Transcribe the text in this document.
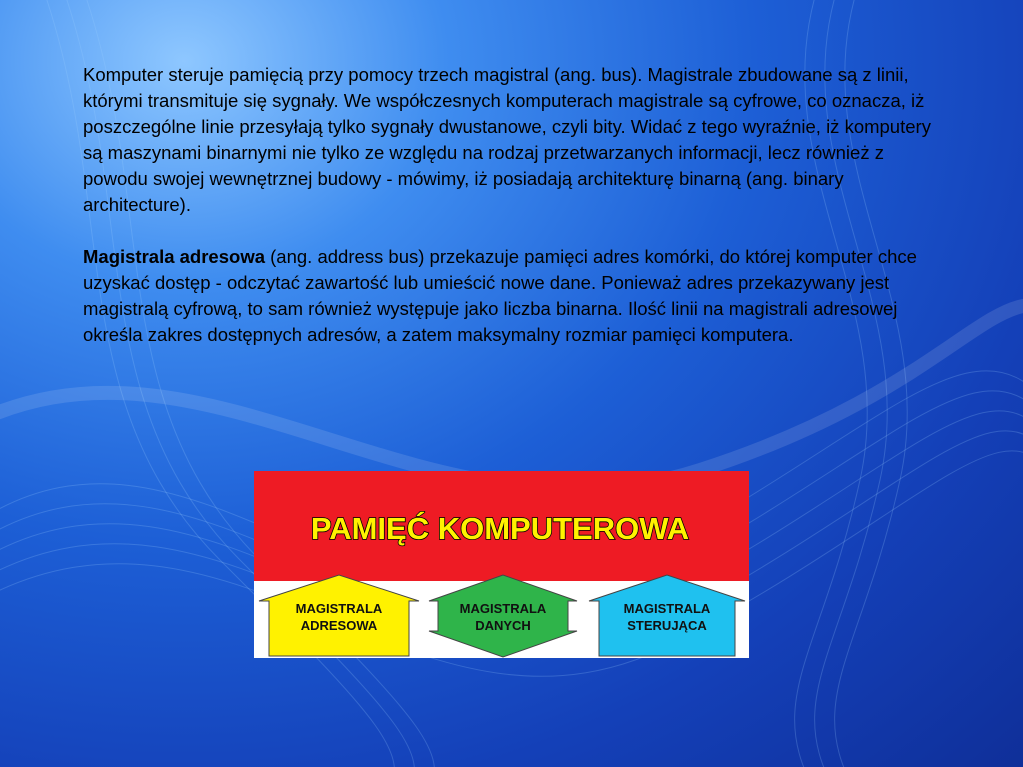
Komputer steruje pamięcią przy pomocy trzech magistral (ang. bus). Magistrale zbudowane są z linii, którymi transmituje się sygnały. We współczesnych komputerach magistrale są cyfrowe, co oznacza, iż poszczególne linie przesyłają tylko sygnały dwustanowe, czyli bity. Widać z tego wyraźnie, iż komputery są maszynami binarnymi nie tylko ze względu na rodzaj przetwarzanych informacji, lecz również z powodu swojej wewnętrznej budowy - mówimy, iż posiadają architekturę binarną (ang. binary architecture).

Magistrala adresowa (ang. address bus) przekazuje pamięci adres komórki, do której komputer chce uzyskać dostęp - odczytać zawartość lub umieścić nowe dane. Ponieważ adres przekazywany jest magistralą cyfrową, to sam również występuje jako liczba binarna. Ilość linii na magistrali adresowej określa zakres dostępnych adresów, a zatem maksymalny rozmiar pamięci komputera.

PAMIĘĆ KOMPUTEROWA
MAGISTRALA
ADRESOWA
MAGISTRALA
DANYCH
MAGISTRALA
STERUJĄCA
